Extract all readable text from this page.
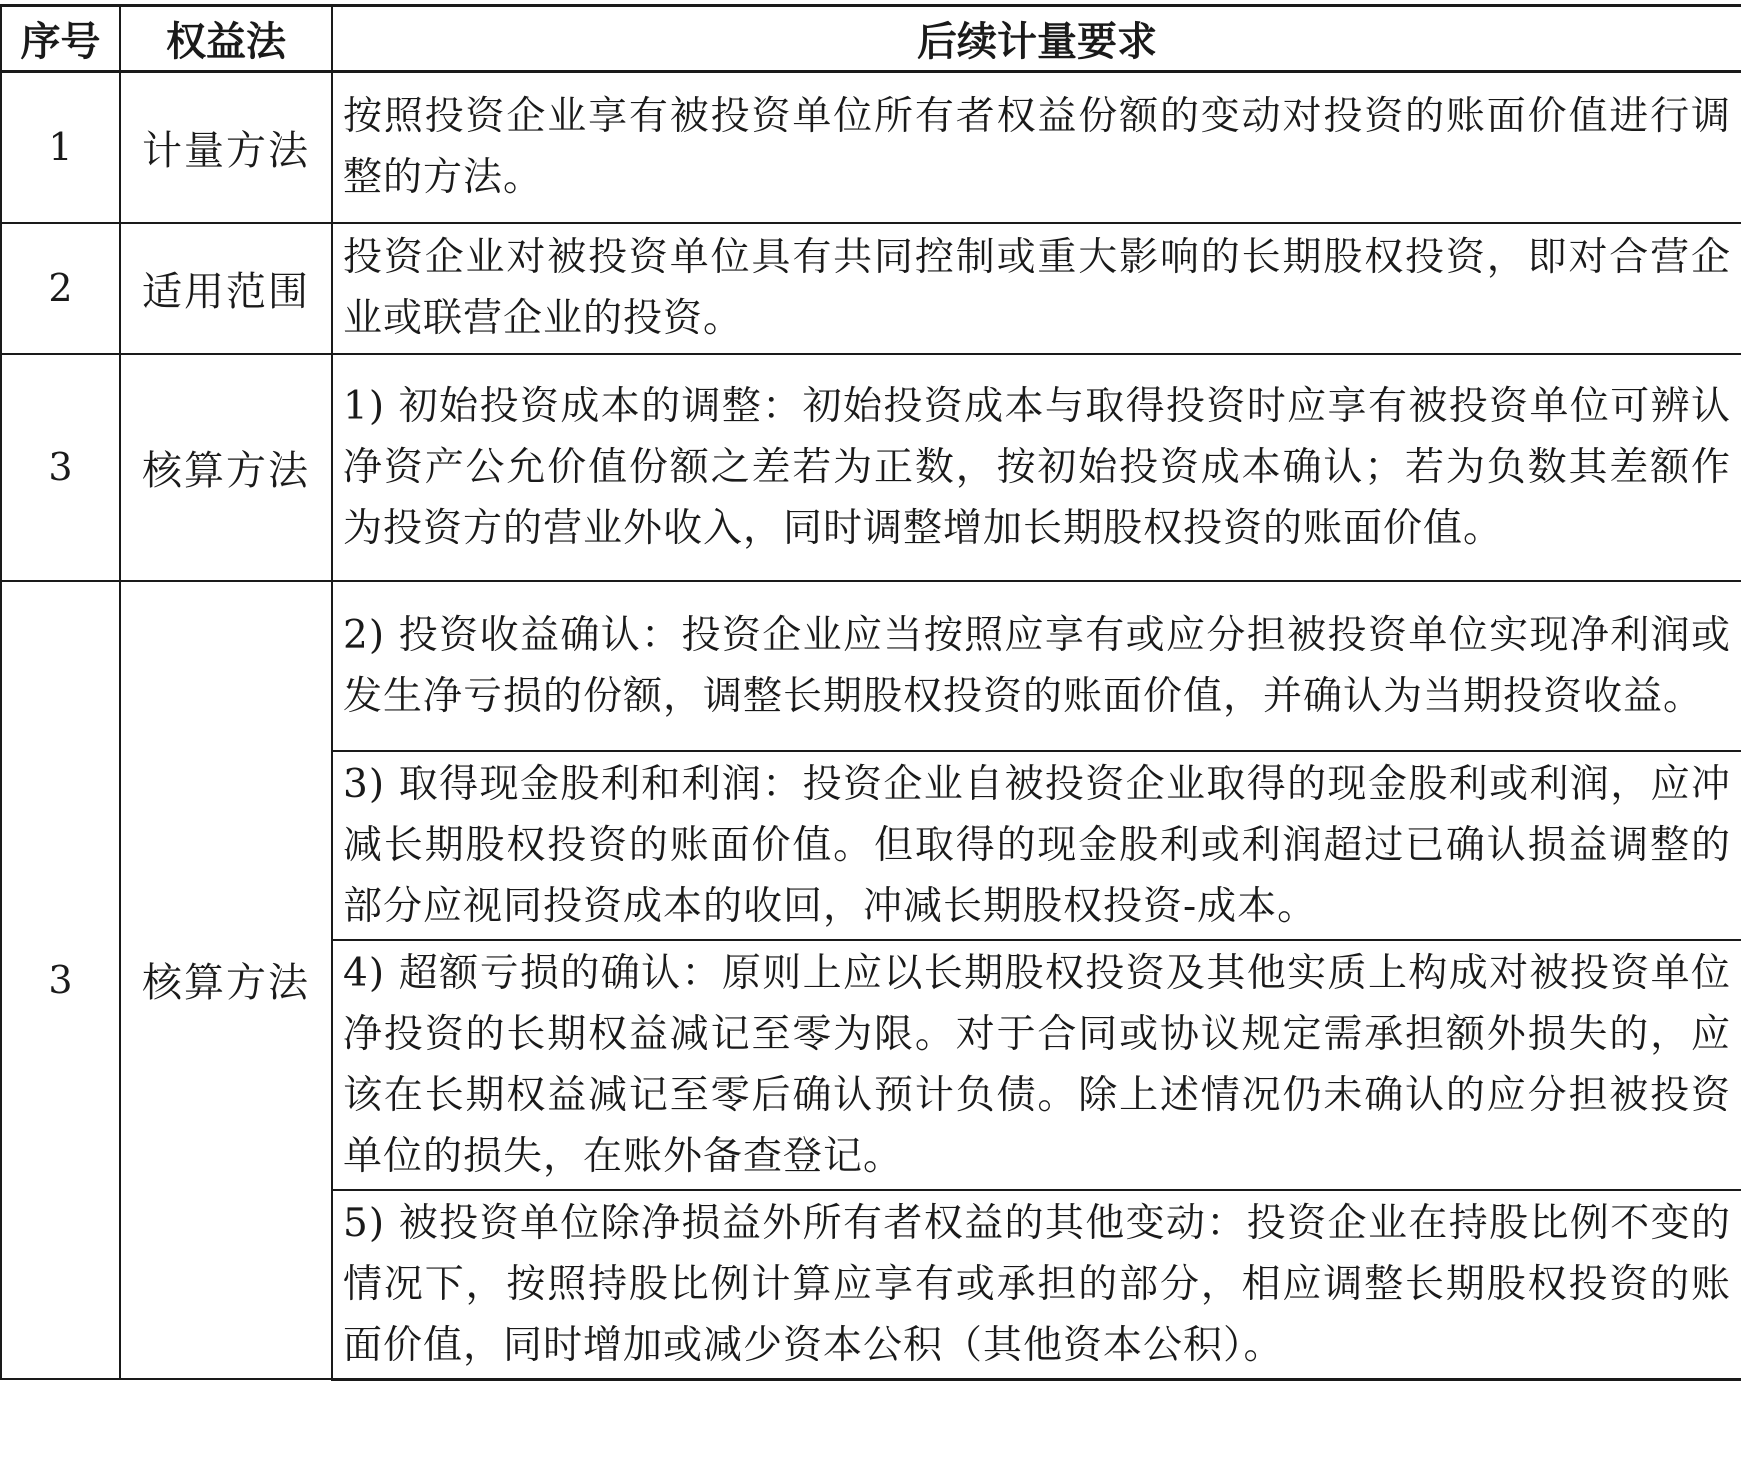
序号	权益法	后续计量要求
1	计量方法	按照投资企业享有被投资单位所有者权益份额的变动对投资的账面价值进行调整的方法。
2	适用范围	投资企业对被投资单位具有共同控制或重大影响的长期股权投资，即对合营企业或联营企业的投资。
3	核算方法	1) 初始投资成本的调整：初始投资成本与取得投资时应享有被投资单位可辨认净资产公允价值份额之差若为正数，按初始投资成本确认；若为负数其差额作为投资方的营业外收入，同时调整增加长期股权投资的账面价值。
3	核算方法	2) 投资收益确认：投资企业应当按照应享有或应分担被投资单位实现净利润或发生净亏损的份额，调整长期股权投资的账面价值，并确认为当期投资收益。
		3) 取得现金股利和利润：投资企业自被投资企业取得的现金股利或利润，应冲减长期股权投资的账面价值。但取得的现金股利或利润超过已确认损益调整的部分应视同投资成本的收回，冲减长期股权投资-成本。
		4) 超额亏损的确认：原则上应以长期股权投资及其他实质上构成对被投资单位净投资的长期权益减记至零为限。对于合同或协议规定需承担额外损失的，应该在长期权益减记至零后确认预计负债。除上述情况仍未确认的应分担被投资单位的损失，在账外备查登记。
		5) 被投资单位除净损益外所有者权益的其他变动：投资企业在持股比例不变的情况下，按照持股比例计算应享有或承担的部分，相应调整长期股权投资的账面价值，同时增加或减少资本公积（其他资本公积）。
